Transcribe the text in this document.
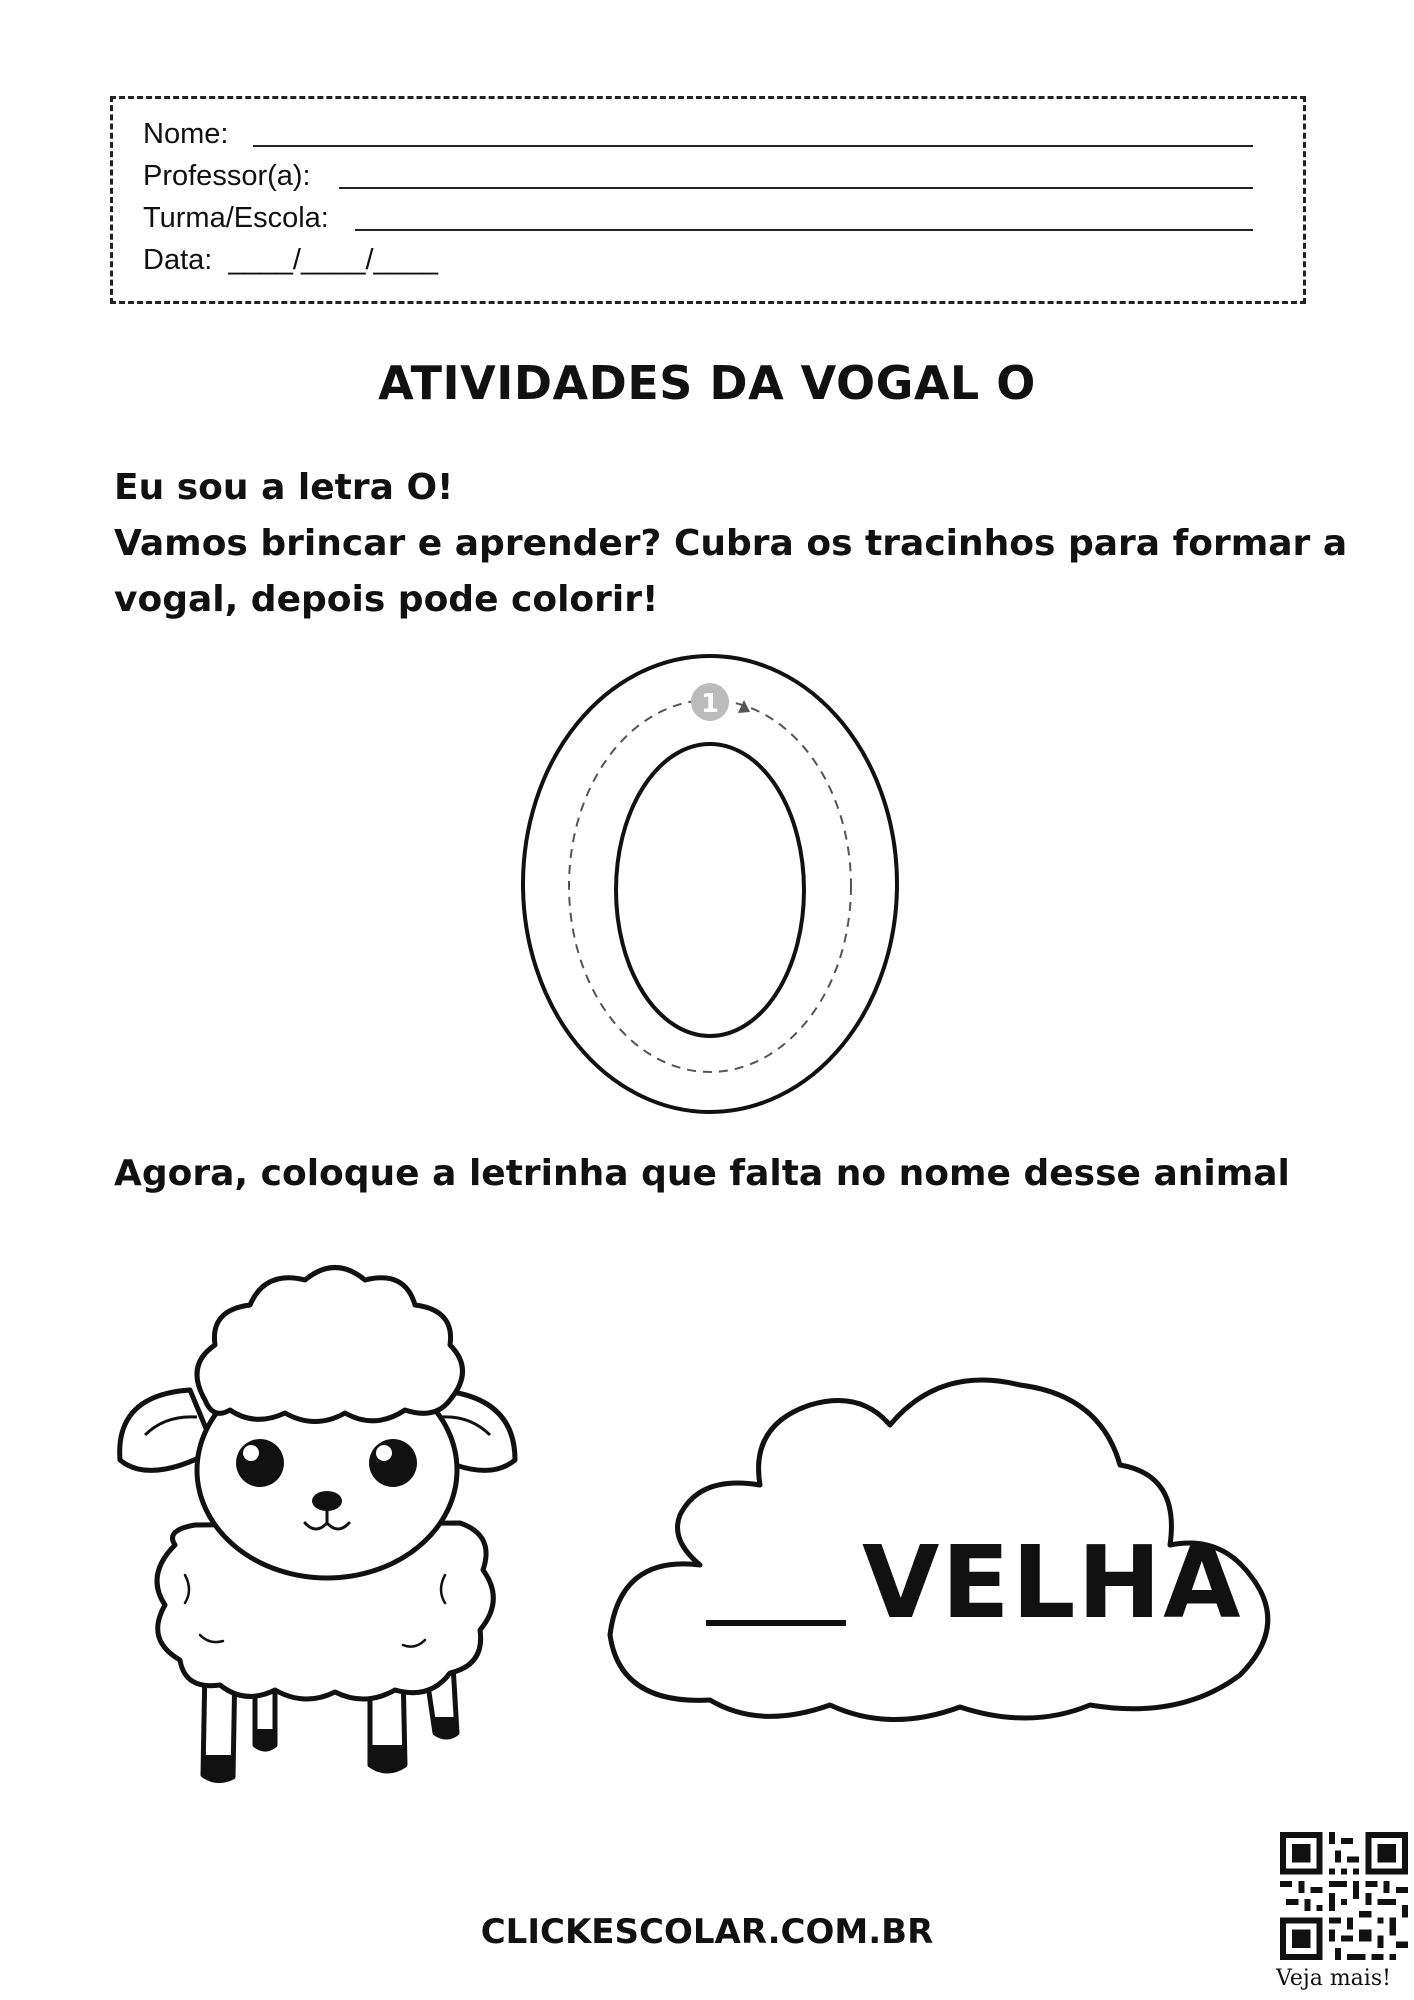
Nome:
Professor(a):
Turma/Escola:
Data: ____/____/____
ATIVIDADES DA VOGAL O
Eu sou a letra O!
Vamos brincar e aprender? Cubra os tracinhos para formar a
vogal, depois pode colorir!
1
Agora, coloque a letrinha que falta no nome desse animal
VELHA
CLICKESCOLAR.COM.BR
Veja mais!
